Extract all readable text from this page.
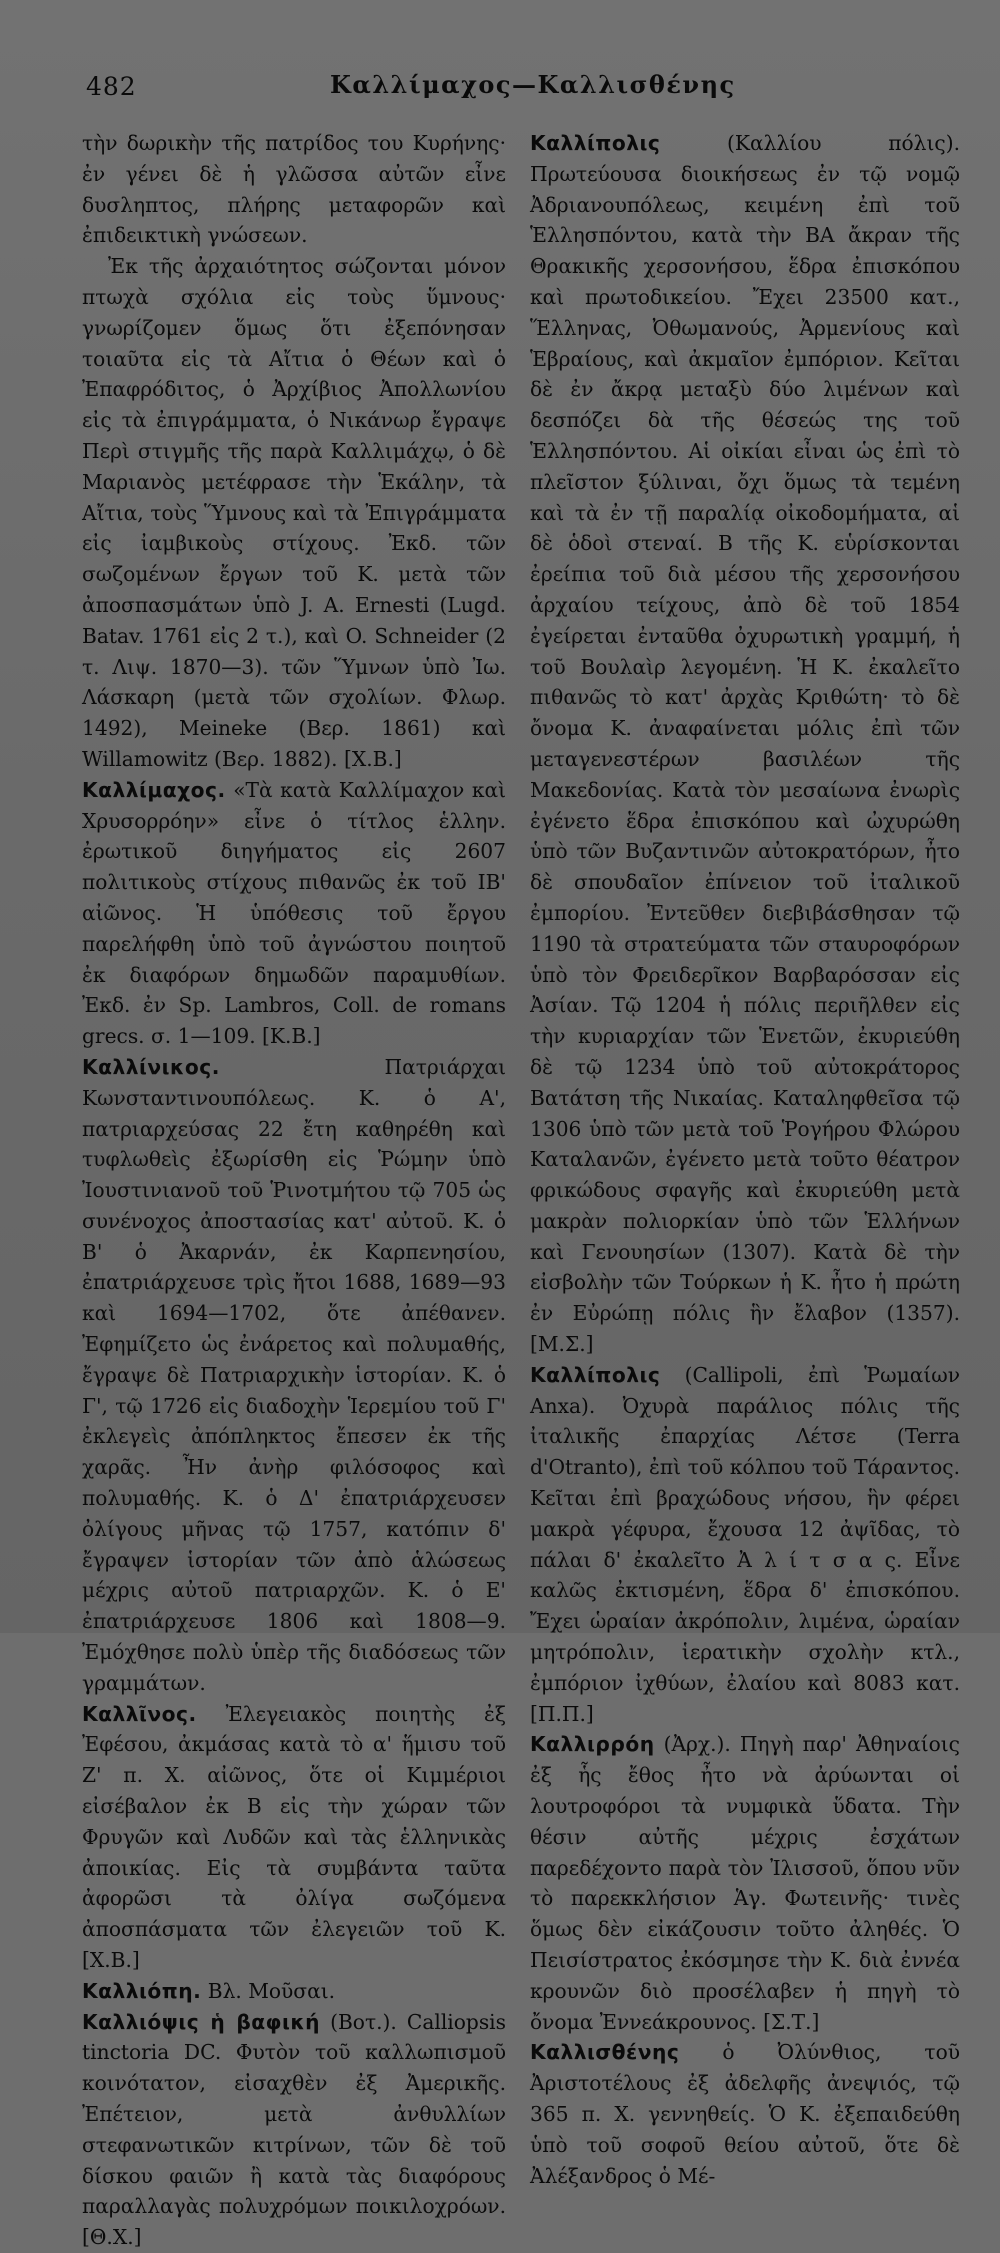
482	Καλλίμαχος—Καλλισθένης

τὴν δωρικὴν τῆς πατρίδος του Κυρήνης· ἐν γένει δὲ ἡ γλῶσσα αὐτῶν εἶνε δυσληπτος, πλήρης μεταφορῶν καὶ ἐπιδεικτικὴ γνώσεων.

Ἐκ τῆς ἀρχαιότητος σώζονται μόνον πτωχὰ σχόλια εἰς τοὺς ὕμνους· γνωρίζομεν ὅμως ὅτι ἐξεπόνησαν τοιαῦτα εἰς τὰ Αἴτια ὁ Θέων καὶ ὁ Ἐπαφρόδιτος, ὁ Ἀρχίβιος Ἀπολλωνίου εἰς τὰ ἐπιγράμματα, ὁ Νικάνωρ ἔγραψε Περὶ στιγμῆς τῆς παρὰ Καλλιμάχῳ, ὁ δὲ Μαριανὸς μετέφρασε τὴν Ἑκάλην, τὰ Αἴτια, τοὺς Ὕμνους καὶ τὰ Ἐπιγράμματα εἰς ἰαμβικοὺς στίχους. Ἐκδ. τῶν σωζομένων ἔργων τοῦ Κ. μετὰ τῶν ἀποσπασμάτων ὑπὸ J. A. Ernesti (Lugd. Batav. 1761 εἰς 2 τ.), καὶ O. Schneider (2 τ. Λιψ. 1870—3). τῶν Ὕμνων ὑπὸ Ἰω. Λάσκαρη (μετὰ τῶν σχολίων. Φλωρ. 1492), Meineke (Βερ. 1861) καὶ Willamowitz (Βερ. 1882). [Χ.Β.]

Καλλίμαχος. «Τὰ κατὰ Καλλίμαχον καὶ Χρυσορρόην» εἶνε ὁ τίτλος ἑλλην. ἐρωτικοῦ διηγήματος εἰς 2607 πολιτικοὺς στίχους πιθανῶς ἐκ τοῦ ΙΒ' αἰῶνος. Ἡ ὑπόθεσις τοῦ ἔργου παρελήφθη ὑπὸ τοῦ ἀγνώστου ποιητοῦ ἐκ διαφόρων δημωδῶν παραμυθίων. Ἐκδ. ἐν Sp. Lambros, Coll. de romans grecs. σ. 1—109. [Κ.Β.]

Καλλίνικος. Πατριάρχαι Κωνσταντινουπόλεως. Κ. ὁ Α', πατριαρχεύσας 22 ἔτη καθηρέθη καὶ τυφλωθεὶς ἐξωρίσθη εἰς Ῥώμην ὑπὸ Ἰουστινιανοῦ τοῦ Ῥινοτμήτου τῷ 705 ὡς συνένοχος ἀποστασίας κατ' αὐτοῦ. Κ. ὁ Β' ὁ Ἀκαρνάν, ἐκ Καρπενησίου, ἐπατριάρχευσε τρὶς ἤτοι 1688, 1689—93 καὶ 1694—1702, ὅτε ἀπέθανεν. Ἐφημίζετο ὡς ἐνάρετος καὶ πολυμαθής, ἔγραψε δὲ Πατριαρχικὴν ἱστορίαν. Κ. ὁ Γ', τῷ 1726 εἰς διαδοχὴν Ἱερεμίου τοῦ Γ' ἐκλεγεὶς ἀπόπληκτος ἔπεσεν ἐκ τῆς χαρᾶς. Ἦν ἀνὴρ φιλόσοφος καὶ πολυμαθής. Κ. ὁ Δ' ἐπατριάρχευσεν ὀλίγους μῆνας τῷ 1757, κατόπιν δ' ἔγραψεν ἱστορίαν τῶν ἀπὸ ἁλώσεως μέχρις αὐτοῦ πατριαρχῶν. Κ. ὁ Ε' ἐπατριάρχευσε 1806 καὶ 1808—9. Ἐμόχθησε πολὺ ὑπὲρ τῆς διαδόσεως τῶν γραμμάτων.

Καλλῖνος. Ἐλεγειακὸς ποιητὴς ἐξ Ἐφέσου, ἀκμάσας κατὰ τὸ α' ἥμισυ τοῦ Ζ' π. Χ. αἰῶνος, ὅτε οἱ Κιμμέριοι εἰσέβαλον ἐκ Β εἰς τὴν χώραν τῶν Φρυγῶν καὶ Λυδῶν καὶ τὰς ἑλληνικὰς ἀποικίας. Εἰς τὰ συμβάντα ταῦτα ἀφορῶσι τὰ ὀλίγα σωζόμενα ἀποσπάσματα τῶν ἐλεγειῶν τοῦ Κ. [Χ.Β.]

Καλλιόπη. Βλ. Μοῦσαι.

Καλλιόψις ἡ βαφική (Βοτ.). Calliopsis tinctoria DC. Φυτὸν τοῦ καλλωπισμοῦ κοινότατον, εἰσαχθὲν ἐξ Ἀμερικῆς. Ἐπέτειον, μετὰ ἀνθυλλίων στεφανωτικῶν κιτρίνων, τῶν δὲ τοῦ δίσκου φαιῶν ἢ κατὰ τὰς διαφόρους παραλλαγὰς πολυχρόμων ποικιλοχρόων. [Θ.Χ.]

Καλλίπολις (Καλλίου πόλις). Πρωτεύουσα διοικήσεως ἐν τῷ νομῷ Ἀδριανουπόλεως, κειμένη ἐπὶ τοῦ Ἑλλησπόντου, κατὰ τὴν ΒΑ ἄκραν τῆς Θρακικῆς χερσονήσου, ἕδρα ἐπισκόπου καὶ πρωτοδικείου. Ἔχει 23500 κατ., Ἕλληνας, Ὀθωμανούς, Ἀρμενίους καὶ Ἑβραίους, καὶ ἀκμαῖον ἐμπόριον. Κεῖται δὲ ἐν ἄκρᾳ μεταξὺ δύο λιμένων καὶ δεσπόζει δὰ τῆς θέσεώς της τοῦ Ἑλλησπόντου. Αἱ οἰκίαι εἶναι ὡς ἐπὶ τὸ πλεῖστον ξύλιναι, ὄχι ὅμως τὰ τεμένη καὶ τὰ ἐν τῇ παραλίᾳ οἰκοδομήματα, αἱ δὲ ὁδοὶ στεναί. Β τῆς Κ. εὑρίσκονται ἐρείπια τοῦ διὰ μέσου τῆς χερσονήσου ἀρχαίου τείχους, ἀπὸ δὲ τοῦ 1854 ἐγείρεται ἐνταῦθα ὀχυρωτικὴ γραμμή, ἡ τοῦ Βουλαὶρ λεγομένη. Ἡ Κ. ἐκαλεῖτο πιθανῶς τὸ κατ' ἀρχὰς Κριθώτη· τὸ δὲ ὄνομα Κ. ἀναφαίνεται μόλις ἐπὶ τῶν μεταγενεστέρων βασιλέων τῆς Μακεδονίας. Κατὰ τὸν μεσαίωνα ἐνωρὶς ἐγένετο ἕδρα ἐπισκόπου καὶ ὠχυρώθη ὑπὸ τῶν Βυζαντινῶν αὐτοκρατόρων, ἦτο δὲ σπουδαῖον ἐπίνειον τοῦ ἰταλικοῦ ἐμπορίου. Ἐντεῦθεν διεβιβάσθησαν τῷ 1190 τὰ στρατεύματα τῶν σταυροφόρων ὑπὸ τὸν Φρειδερῖκον Βαρβαρόσσαν εἰς Ἀσίαν. Τῷ 1204 ἡ πόλις περιῆλθεν εἰς τὴν κυριαρχίαν τῶν Ἑνετῶν, ἐκυριεύθη δὲ τῷ 1234 ὑπὸ τοῦ αὐτοκράτορος Βατάτση τῆς Νικαίας. Καταληφθεῖσα τῷ 1306 ὑπὸ τῶν μετὰ τοῦ Ῥογήρου Φλώρου Καταλανῶν, ἐγένετο μετὰ τοῦτο θέατρον φρικώδους σφαγῆς καὶ ἐκυριεύθη μετὰ μακρὰν πολιορκίαν ὑπὸ τῶν Ἑλλήνων καὶ Γενουησίων (1307). Κατὰ δὲ τὴν εἰσβολὴν τῶν Τούρκων ἡ Κ. ἦτο ἡ πρώτη ἐν Εὐρώπῃ πόλις ἣν ἔλαβον (1357). [Μ.Σ.]

Καλλίπολις (Callipoli, ἐπὶ Ῥωμαίων Anxa). Ὀχυρὰ παράλιος πόλις τῆς ἰταλικῆς ἐπαρχίας Λέτσε (Terra d'Otranto), ἐπὶ τοῦ κόλπου τοῦ Τάραντος. Κεῖται ἐπὶ βραχώδους νήσου, ἣν φέρει μακρὰ γέφυρα, ἔχουσα 12 ἀψῖδας, τὸ πάλαι δ' ἐκαλεῖτο Ἀ λ ί τ σ α ς. Εἶνε καλῶς ἐκτισμένη, ἕδρα δ' ἐπισκόπου. Ἔχει ὡραίαν ἀκρόπολιν, λιμένα, ὡραίαν μητρόπολιν, ἱερατικὴν σχολὴν κτλ., ἐμπόριον ἰχθύων, ἐλαίου καὶ 8083 κατ. [Π.Π.]

Καλλιρρόη (Ἀρχ.). Πηγὴ παρ' Ἀθηναίοις ἐξ ἧς ἔθος ἦτο νὰ ἀρύωνται οἱ λουτροφόροι τὰ νυμφικὰ ὕδατα. Τὴν θέσιν αὐτῆς μέχρις ἐσχάτων παρεδέχοντο παρὰ τὸν Ἰλισσοῦ, ὅπου νῦν τὸ παρεκκλήσιον Ἁγ. Φωτεινῆς· τινὲς ὅμως δὲν εἰκάζουσιν τοῦτο ἀληθές. Ὁ Πεισίστρατος ἐκόσμησε τὴν Κ. διὰ ἐννέα κρουνῶν διὸ προσέλαβεν ἡ πηγὴ τὸ ὄνομα Ἐννεάκρουνος. [Σ.Τ.]

Καλλισθένης ὁ Ὀλύνθιος, τοῦ Ἀριστοτέλους ἐξ ἀδελφῆς ἀνεψιός, τῷ 365 π. Χ. γεννηθείς. Ὁ Κ. ἐξεπαιδεύθη ὑπὸ τοῦ σοφοῦ θείου αὐτοῦ, ὅτε δὲ Ἀλέξανδρος ὁ Μέ-
